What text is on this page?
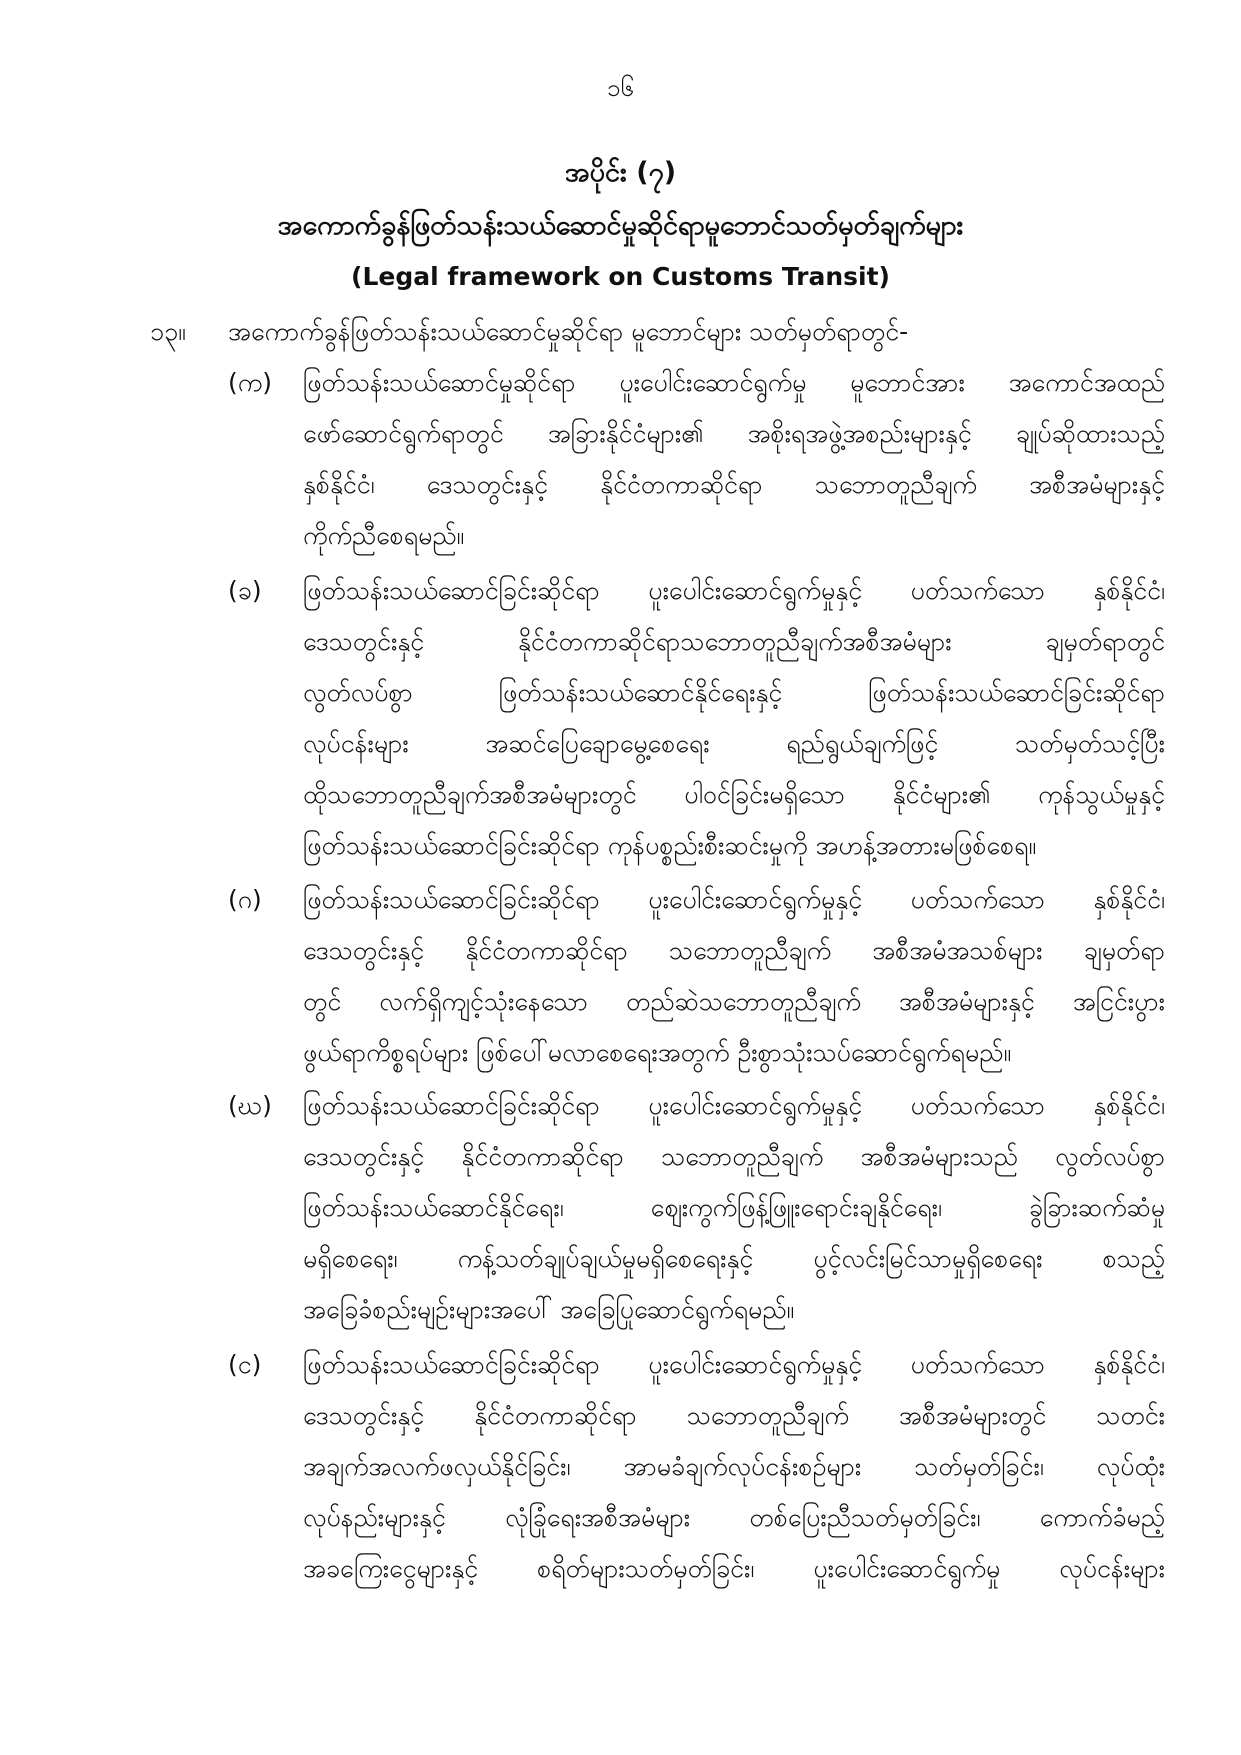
၁၆
အပိုင်း (၇)
အကောက်ခွန်ဖြတ်သန်းသယ်ဆောင်မှုဆိုင်ရာမူဘောင်သတ်မှတ်ချက်များ
(Legal framework on Customs Transit)
၁၃။ အကောက်ခွန်ဖြတ်သန်းသယ်ဆောင်မှုဆိုင်ရာ မူဘောင်များ သတ်မှတ်ရာတွင်-
(က) ဖြတ်သန်းသယ်ဆောင်မှုဆိုင်ရာ ပူးပေါင်းဆောင်ရွက်မှု မူဘောင်အား အကောင်အထည်
ဖော်ဆောင်ရွက်ရာတွင် အခြားနိုင်ငံများ၏ အစိုးရအဖွဲ့အစည်းများနှင့် ချုပ်ဆိုထားသည့်
နှစ်နိုင်ငံ၊ ဒေသတွင်းနှင့် နိုင်ငံတကာဆိုင်ရာ သဘောတူညီချက် အစီအမံများနှင့်
ကိုက်ညီစေရမည်။
(ခ) ဖြတ်သန်းသယ်ဆောင်ခြင်းဆိုင်ရာ ပူးပေါင်းဆောင်ရွက်မှုနှင့် ပတ်သက်သော နှစ်နိုင်ငံ၊
ဒေသတွင်းနှင့် နိုင်ငံတကာဆိုင်ရာသဘောတူညီချက်အစီအမံများ ချမှတ်ရာတွင်
လွတ်လပ်စွာ ဖြတ်သန်းသယ်ဆောင်နိုင်ရေးနှင့် ဖြတ်သန်းသယ်ဆောင်ခြင်းဆိုင်ရာ
လုပ်ငန်းများ အဆင်ပြေချောမွေ့စေရေး ရည်ရွယ်ချက်ဖြင့် သတ်မှတ်သင့်ပြီး
ထိုသဘောတူညီချက်အစီအမံများတွင် ပါဝင်ခြင်းမရှိသော နိုင်ငံများ၏ ကုန်သွယ်မှုနှင့်
ဖြတ်သန်းသယ်ဆောင်ခြင်းဆိုင်ရာ ကုန်ပစ္စည်းစီးဆင်းမှုကို အဟန့်အတားမဖြစ်စေရ။
(ဂ) ဖြတ်သန်းသယ်ဆောင်ခြင်းဆိုင်ရာ ပူးပေါင်းဆောင်ရွက်မှုနှင့် ပတ်သက်သော နှစ်နိုင်ငံ၊
ဒေသတွင်းနှင့် နိုင်ငံတကာဆိုင်ရာ သဘောတူညီချက် အစီအမံအသစ်များ ချမှတ်ရာ
တွင် လက်ရှိကျင့်သုံးနေသော တည်ဆဲသဘောတူညီချက် အစီအမံများနှင့် အငြင်းပွား
ဖွယ်ရာကိစ္စရပ်များ ဖြစ်ပေါ်မလာစေရေးအတွက် ဦးစွာသုံးသပ်ဆောင်ရွက်ရမည်။
(ဃ) ဖြတ်သန်းသယ်ဆောင်ခြင်းဆိုင်ရာ ပူးပေါင်းဆောင်ရွက်မှုနှင့် ပတ်သက်သော နှစ်နိုင်ငံ၊
ဒေသတွင်းနှင့် နိုင်ငံတကာဆိုင်ရာ သဘောတူညီချက် အစီအမံများသည် လွတ်လပ်စွာ
ဖြတ်သန်းသယ်ဆောင်နိုင်ရေး၊ ဈေးကွက်ဖြန့်ဖြူးရောင်းချနိုင်ရေး၊ ခွဲခြားဆက်ဆံမှု
မရှိစေရေး၊ ကန့်သတ်ချုပ်ချယ်မှုမရှိစေရေးနှင့် ပွင့်လင်းမြင်သာမှုရှိစေရေး စသည့်
အခြေခံစည်းမျဉ်းများအပေါ် အခြေပြုဆောင်ရွက်ရမည်။
(င) ဖြတ်သန်းသယ်ဆောင်ခြင်းဆိုင်ရာ ပူးပေါင်းဆောင်ရွက်မှုနှင့် ပတ်သက်သော နှစ်နိုင်ငံ၊
ဒေသတွင်းနှင့် နိုင်ငံတကာဆိုင်ရာ သဘောတူညီချက် အစီအမံများတွင် သတင်း
အချက်အလက်ဖလှယ်နိုင်ခြင်း၊ အာမခံချက်လုပ်ငန်းစဉ်များ သတ်မှတ်ခြင်း၊ လုပ်ထုံး
လုပ်နည်းများနှင့် လုံခြုံရေးအစီအမံများ တစ်ပြေးညီသတ်မှတ်ခြင်း၊ ကောက်ခံမည့်
အခကြေးငွေများနှင့် စရိတ်များသတ်မှတ်ခြင်း၊ ပူးပေါင်းဆောင်ရွက်မှု လုပ်ငန်းများ
